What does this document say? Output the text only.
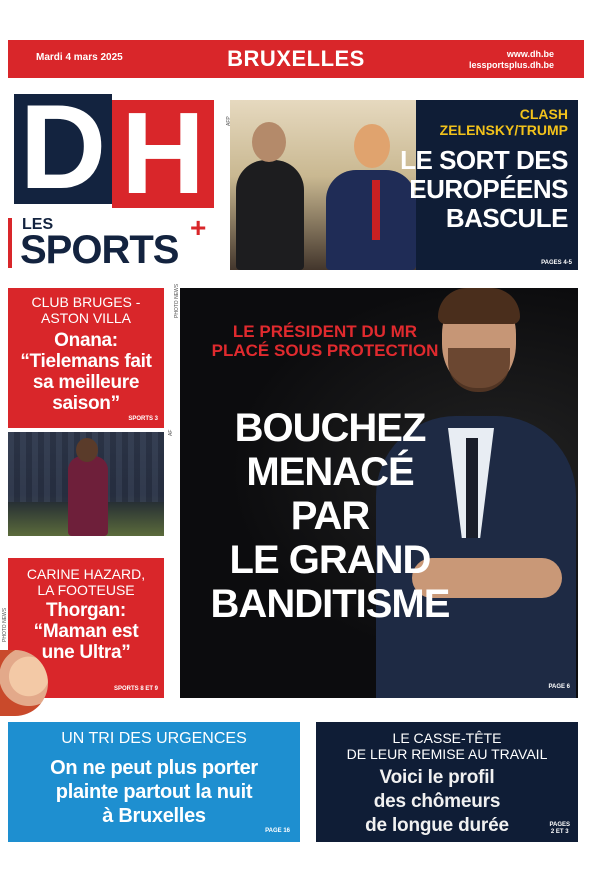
Mardi 4 mars 2025	BRUXELLES	www.dh.be
lessportsplus.dh.be
D H
LES
SPORTS
+
CLASH
ZELENSKY/TRUMP
LE SORT DES
EUROPÉENS
BASCULE
PAGES 4-5
AFP
CLUB BRUGES -
ASTON VILLA
Onana:
“Tielemans fait
sa meilleure
saison”
SPORTS 3
AF
CARINE HAZARD,
LA FOOTEUSE
Thorgan:
“Maman est
une Ultra”
SPORTS 8 ET 9
PHOTO NEWS
LE PRÉSIDENT DU MR
PLACÉ SOUS PROTECTION
BOUCHEZ
MENACÉ
PAR
LE GRAND
BANDITISME
PAGE 6
PHOTO NEWS
UN TRI DES URGENCES
On ne peut plus porter
plainte partout la nuit
à Bruxelles
PAGE 16
LE CASSE-TÊTE
DE LEUR REMISE AU TRAVAIL
Voici le profil
des chômeurs
de longue durée	PAGES
2 ET 3
